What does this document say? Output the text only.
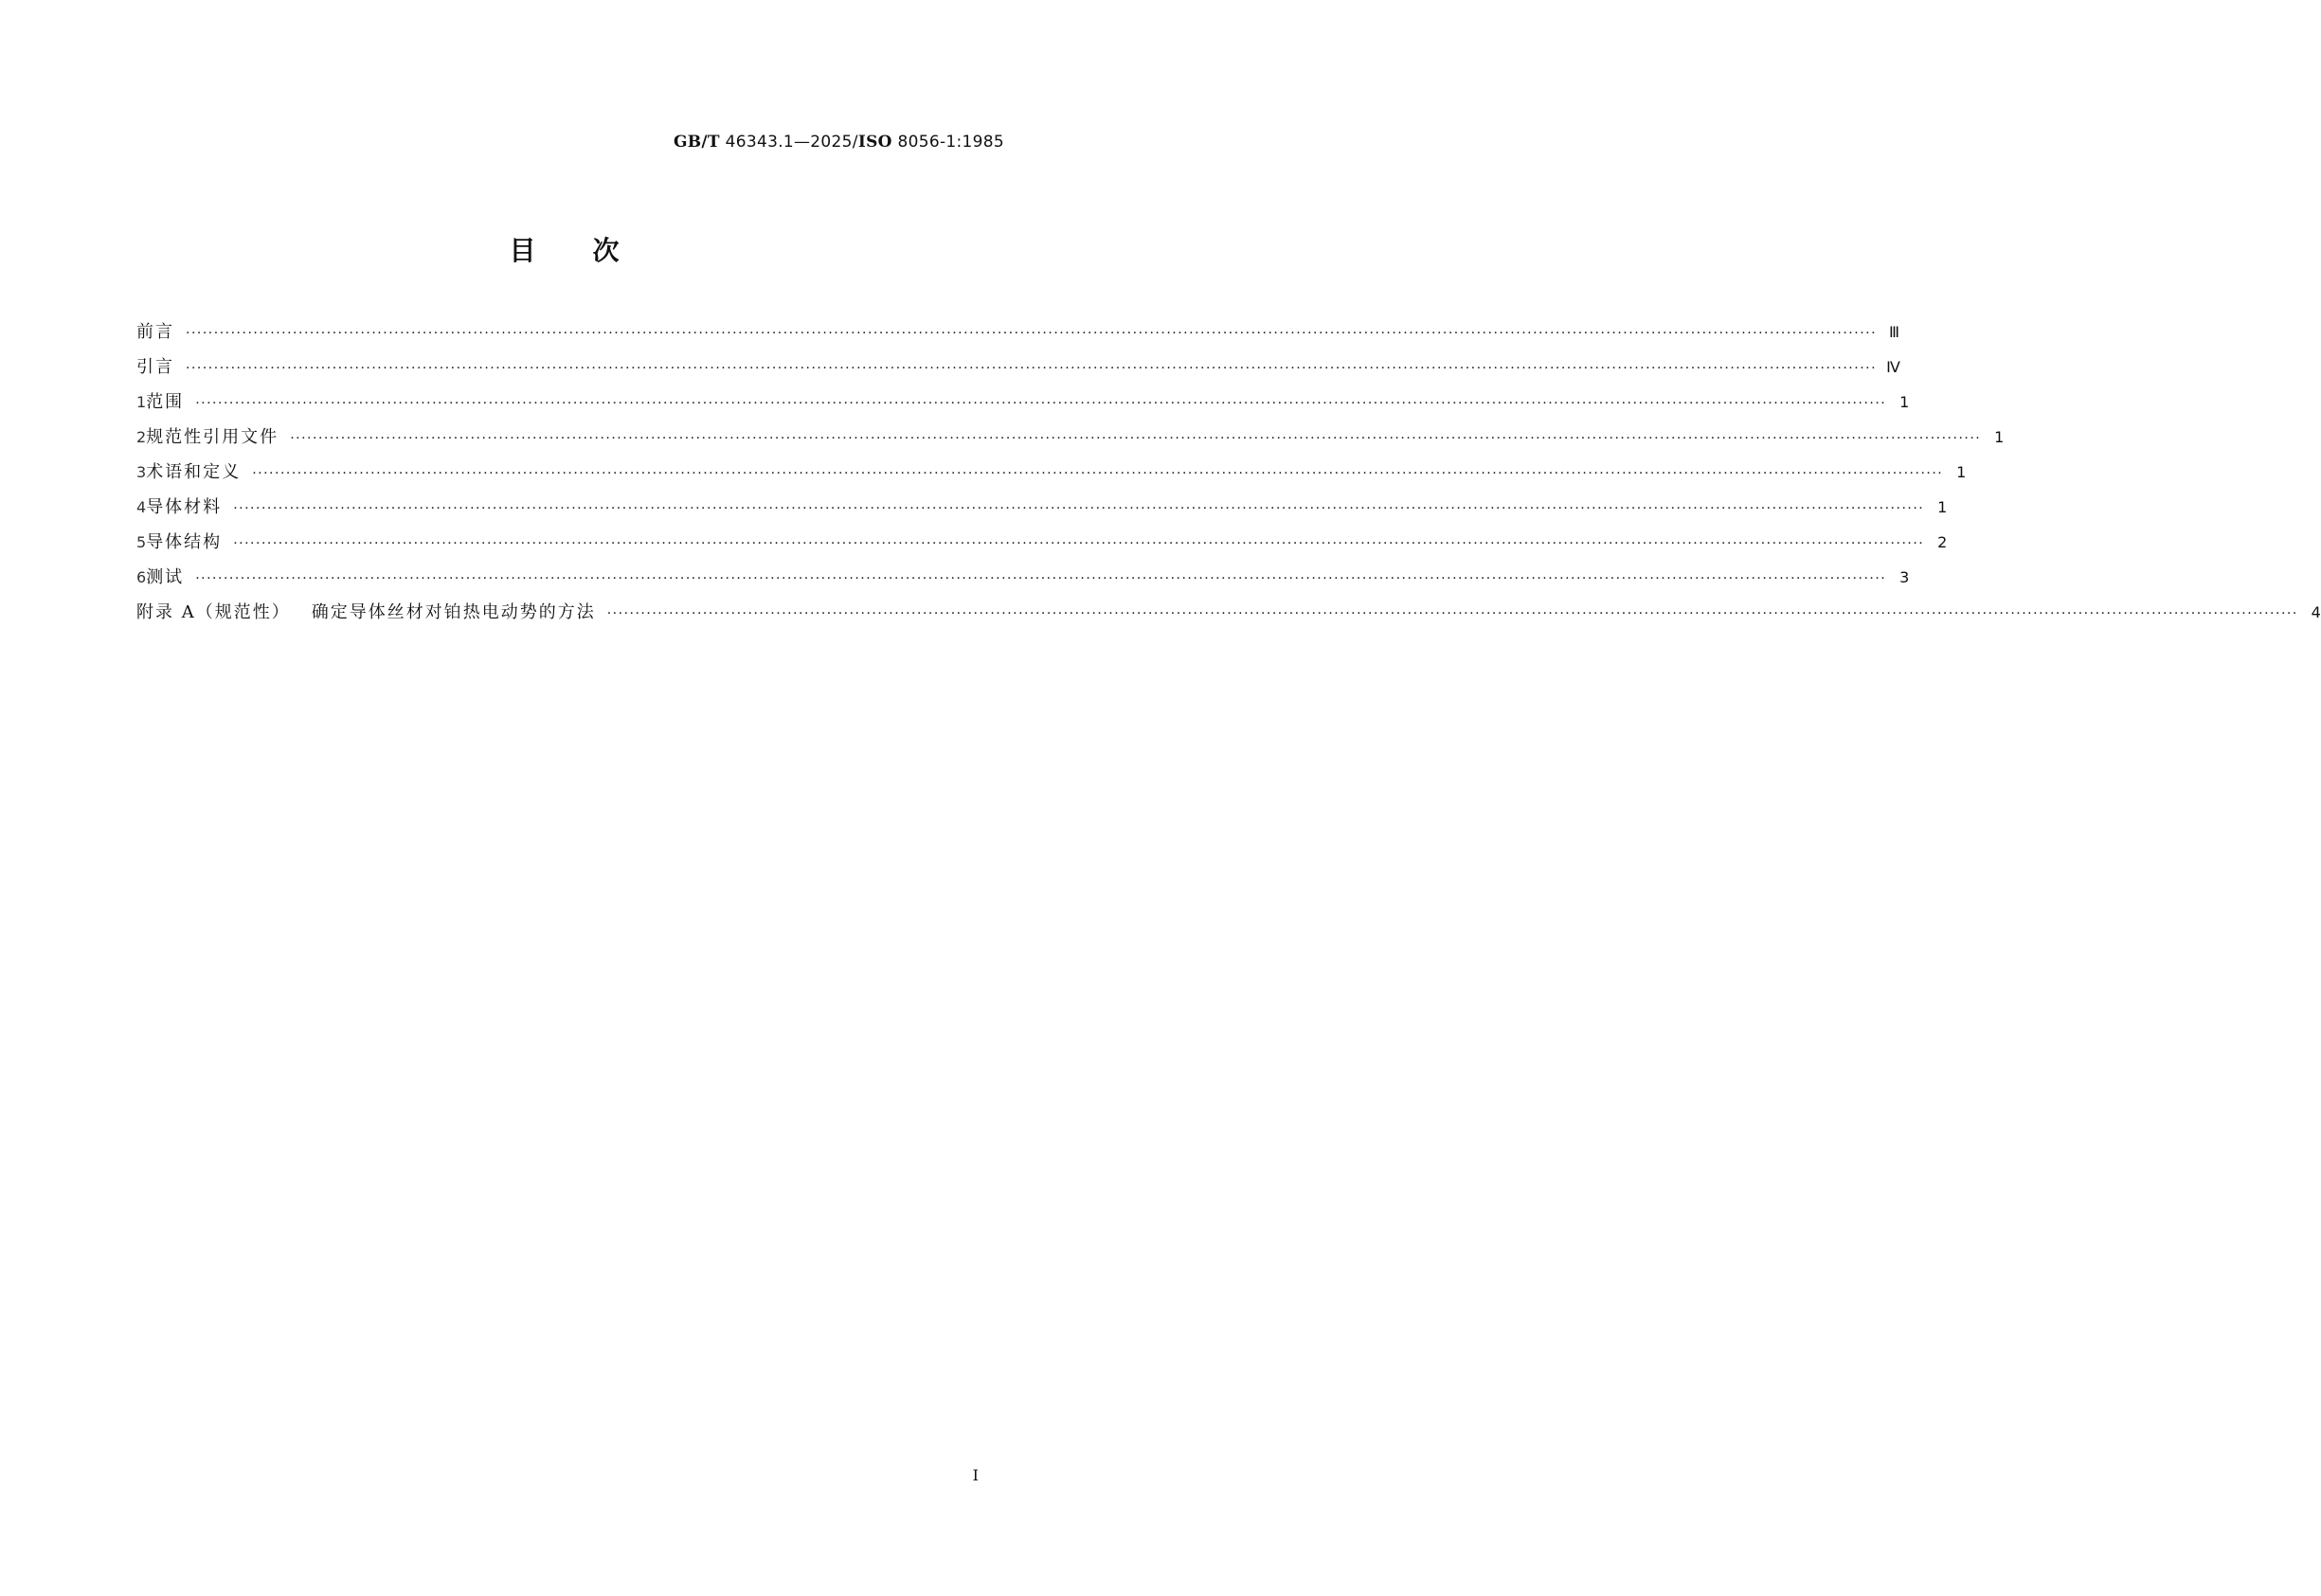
GB/T 46343.1—2025/ISO 8056-1:1985
目次
前言 ············································································································································································································································································································ Ⅲ
引言 ············································································································································································································································································································ Ⅳ
1 范围 ············································································································································································································································································································ 1
2 规范性引用文件 ············································································································································································································································································································ 1
3 术语和定义 ············································································································································································································································································································ 1
4 导体材料 ············································································································································································································································································································ 1
5 导体结构 ············································································································································································································································································································ 2
6 测试 ············································································································································································································································································································ 3
附录 A（规范性） 确定导体丝材对铂热电动势的方法 ············································································································································································································································································································ 4
Ⅰ
